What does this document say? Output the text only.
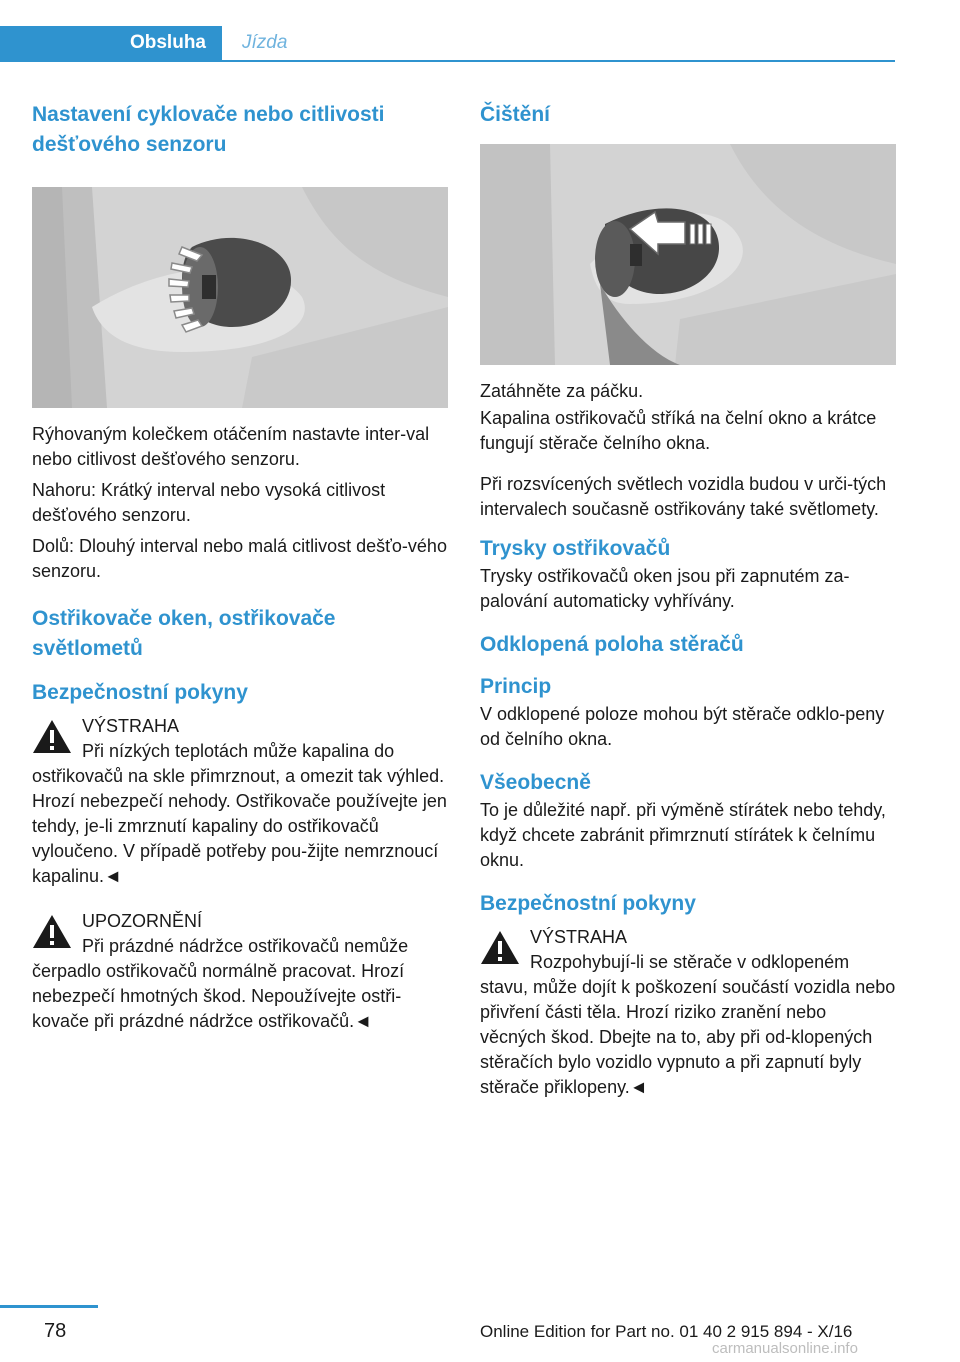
Obsluha	Jízda
Nastavení cyklovače nebo citlivosti dešťového senzoru

Rýhovaným kolečkem otáčením nastavte inter‐val nebo citlivost dešťového senzoru.

Nahoru: Krátký interval nebo vysoká citlivost dešťového senzoru.

Dolů: Dlouhý interval nebo malá citlivost dešťo‐vého senzoru.

Ostřikovače oken, ostřikovače světlometů
Bezpečnostní pokyny
VÝSTRAHA

Při nízkých teplotách může kapalina do ostřikovačů na skle přimrznout, a omezit tak výhled. Hrozí nebezpečí nehody. Ostřikovače používejte jen tehdy, je-li zmrznutí kapaliny do ostřikovačů vyloučeno. V případě potřeby pou‐žijte nemrznoucí kapalinu.◄

UPOZORNĚNÍ

Při prázdné nádržce ostřikovačů nemůže čerpadlo ostřikovačů normálně pracovat. Hrozí nebezpečí hmotných škod. Nepoužívejte ostři‐kovače při prázdné nádržce ostřikovačů.◄

Čištění

Zatáhněte za páčku.

Kapalina ostřikovačů stříká na čelní okno a krátce fungují stěrače čelního okna.

Při rozsvícených světlech vozidla budou v urči‐tých intervalech současně ostřikovány také světlomety.

Trysky ostřikovačů

Trysky ostřikovačů oken jsou při zapnutém za‐palování automaticky vyhřívány.

Odklopená poloha stěračů
Princip

V odklopené poloze mohou být stěrače odklo‐peny od čelního okna.

Všeobecně

To je důležité např. při výměně stírátek nebo tehdy, když chcete zabránit přimrznutí stírátek k čelnímu oknu.

Bezpečnostní pokyny
VÝSTRAHA

Rozpohybují-li se stěrače v odklopeném stavu, může dojít k poškození součástí vozidla nebo přivření části těla. Hrozí riziko zranění nebo věcných škod. Dbejte na to, aby při od‐klopených stěračích bylo vozidlo vypnuto a při zapnutí byly stěrače přiklopeny.◄

78	Online Edition for Part no. 01 40 2 915 894 - X/16
carmanualsonline.info
